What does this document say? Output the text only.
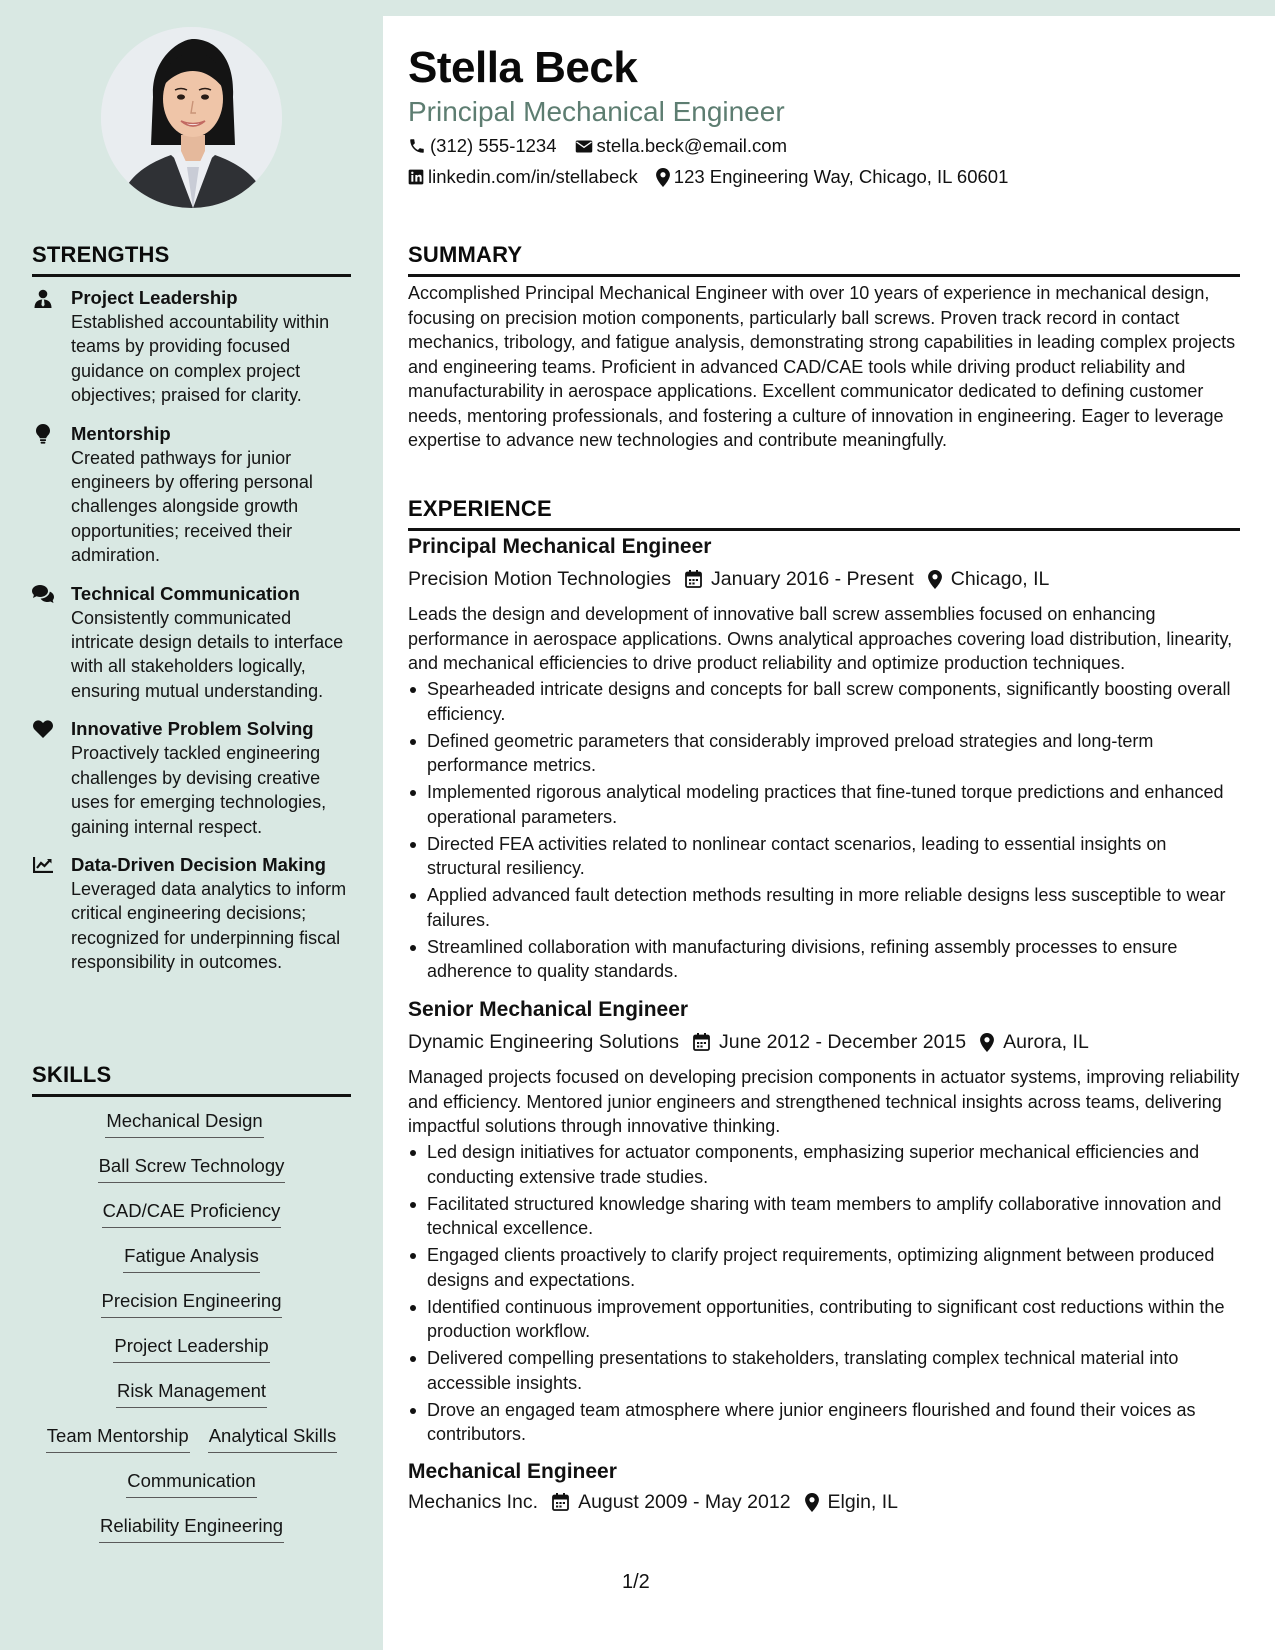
Stella Beck
Principal Mechanical Engineer
(312) 555-1234 stella.beck@email.com
linkedin.com/in/stellabeck 123 Engineering Way, Chicago, IL 60601
STRENGTHS
Project Leadership
Established accountability within teams by providing focused guidance on complex project objectives; praised for clarity.
Mentorship
Created pathways for junior engineers by offering personal challenges alongside growth opportunities; received their admiration.
Technical Communication
Consistently communicated intricate design details to interface with all stakeholders logically, ensuring mutual understanding.
Innovative Problem Solving
Proactively tackled engineering challenges by devising creative uses for emerging technologies, gaining internal respect.
Data-Driven Decision Making
Leveraged data analytics to inform critical engineering decisions; recognized for underpinning fiscal responsibility in outcomes.
SKILLS
Mechanical Design
Ball Screw Technology
CAD/CAE Proficiency
Fatigue Analysis
Precision Engineering
Project Leadership
Risk Management
Team Mentorship Analytical Skills
Communication
Reliability Engineering
SUMMARY
Accomplished Principal Mechanical Engineer with over 10 years of experience in mechanical design, focusing on precision motion components, particularly ball screws. Proven track record in contact mechanics, tribology, and fatigue analysis, demonstrating strong capabilities in leading complex projects and engineering teams. Proficient in advanced CAD/CAE tools while driving product reliability and manufacturability in aerospace applications. Excellent communicator dedicated to defining customer needs, mentoring professionals, and fostering a culture of innovation in engineering. Eager to leverage expertise to advance new technologies and contribute meaningfully.
EXPERIENCE
Principal Mechanical Engineer
Precision Motion Technologies January 2016 - Present Chicago, IL
Leads the design and development of innovative ball screw assemblies focused on enhancing performance in aerospace applications. Owns analytical approaches covering load distribution, linearity, and mechanical efficiencies to drive product reliability and optimize production techniques.
Spearheaded intricate designs and concepts for ball screw components, significantly boosting overall efficiency.
Defined geometric parameters that considerably improved preload strategies and long-term performance metrics.
Implemented rigorous analytical modeling practices that fine-tuned torque predictions and enhanced operational parameters.
Directed FEA activities related to nonlinear contact scenarios, leading to essential insights on structural resiliency.
Applied advanced fault detection methods resulting in more reliable designs less susceptible to wear failures.
Streamlined collaboration with manufacturing divisions, refining assembly processes to ensure adherence to quality standards.
Senior Mechanical Engineer
Dynamic Engineering Solutions June 2012 - December 2015 Aurora, IL
Managed projects focused on developing precision components in actuator systems, improving reliability and efficiency. Mentored junior engineers and strengthened technical insights across teams, delivering impactful solutions through innovative thinking.
Led design initiatives for actuator components, emphasizing superior mechanical efficiencies and conducting extensive trade studies.
Facilitated structured knowledge sharing with team members to amplify collaborative innovation and technical excellence.
Engaged clients proactively to clarify project requirements, optimizing alignment between produced designs and expectations.
Identified continuous improvement opportunities, contributing to significant cost reductions within the production workflow.
Delivered compelling presentations to stakeholders, translating complex technical material into accessible insights.
Drove an engaged team atmosphere where junior engineers flourished and found their voices as contributors.
Mechanical Engineer
Mechanics Inc. August 2009 - May 2012 Elgin, IL
1/2
